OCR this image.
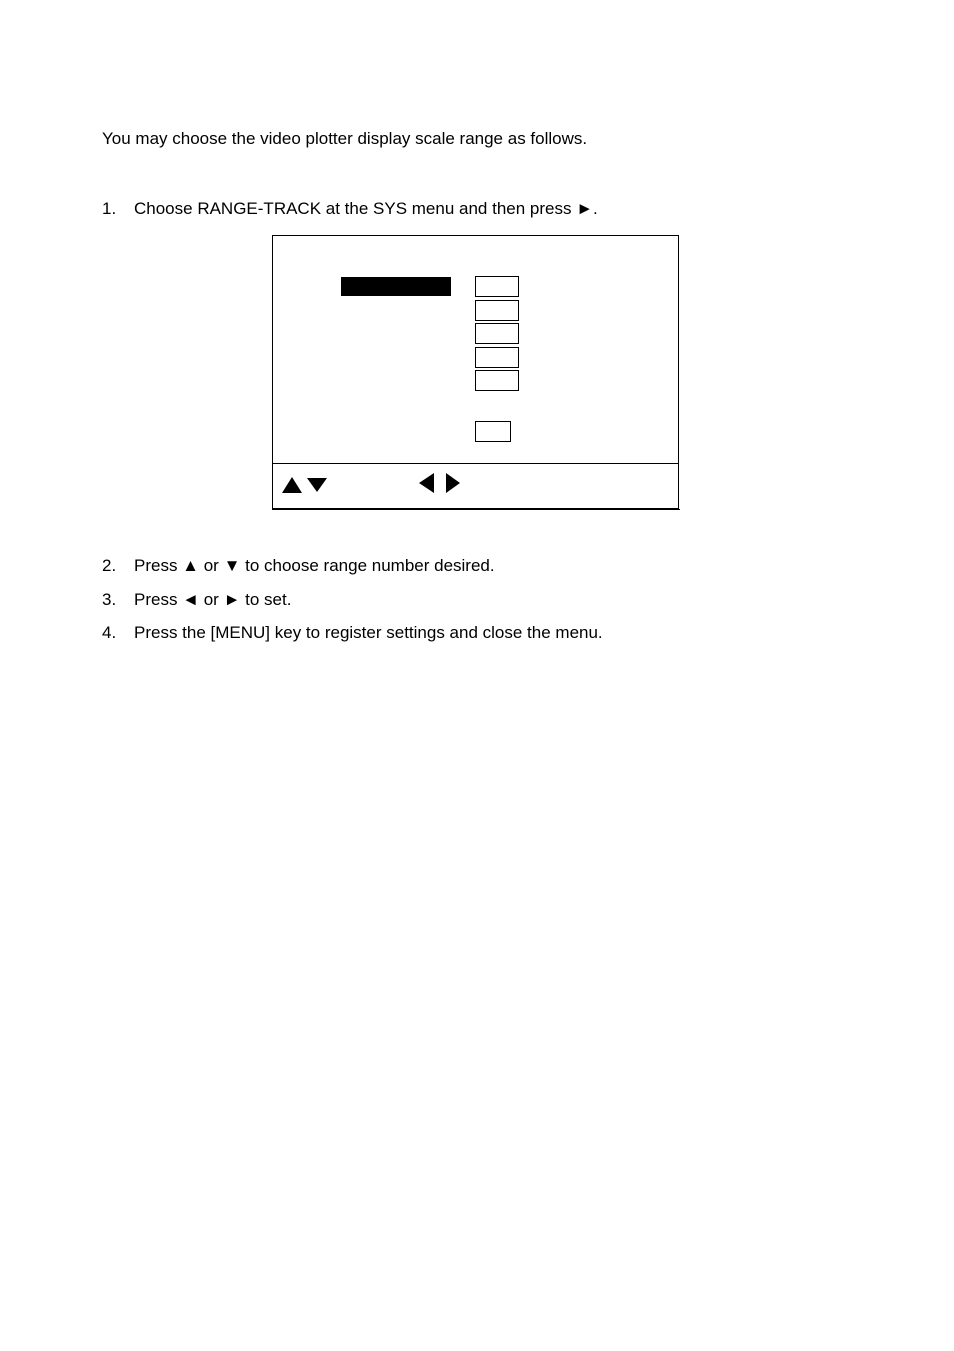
You may choose the video plotter display scale range as follows.
1. Choose RANGE-TRACK at the SYS menu and then press ►.
2. Press ▲ or ▼ to choose range number desired.
3. Press ◄ or ► to set.
4. Press the [MENU] key to register settings and close the menu.
